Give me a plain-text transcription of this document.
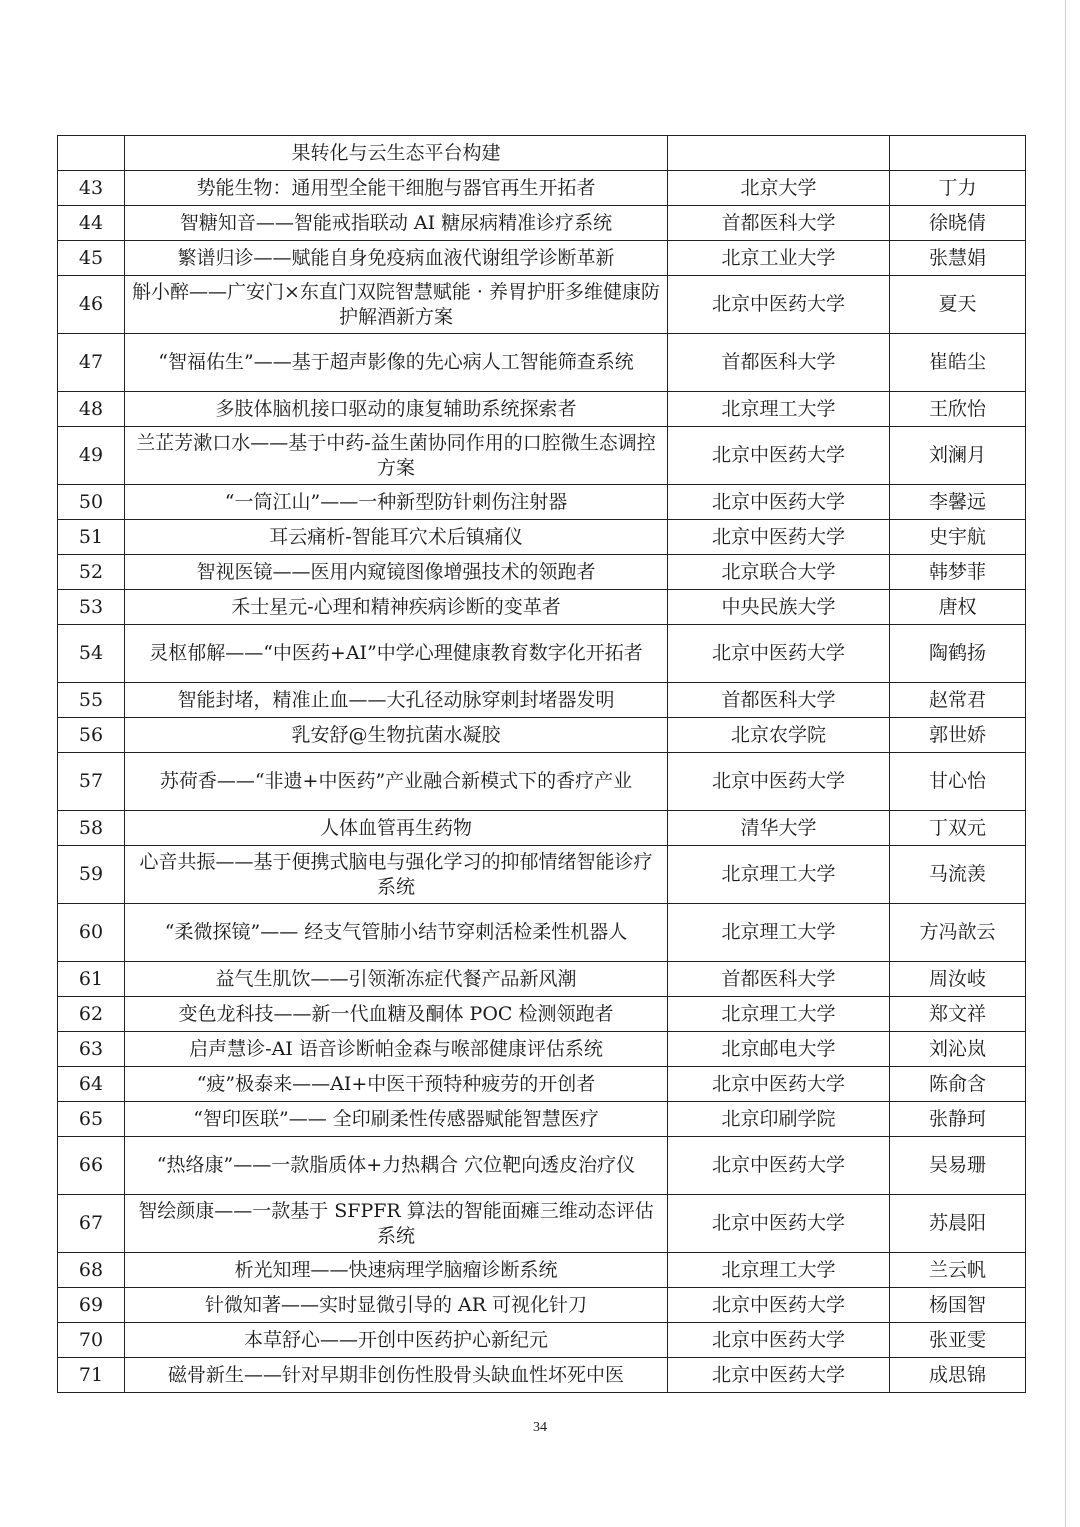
	果转化与云生态平台构建		
43	势能生物：通用型全能干细胞与器官再生开拓者	北京大学	丁力
44	智糖知音——智能戒指联动 AI 糖尿病精准诊疗系统	首都医科大学	徐晓倩
45	繁谱归诊——赋能自身免疫病血液代谢组学诊断革新	北京工业大学	张慧娟
46	斛小醉——广安门×东直门双院智慧赋能 · 养胃护肝多维健康防护解酒新方案	北京中医药大学	夏天
47	“智福佑生”——基于超声影像的先心病人工智能筛查系统	首都医科大学	崔皓尘
48	多肢体脑机接口驱动的康复辅助系统探索者	北京理工大学	王欣怡
49	兰芷芳漱口水——基于中药-益生菌协同作用的口腔微生态调控方案	北京中医药大学	刘澜月
50	“一筒江山”——一种新型防针刺伤注射器	北京中医药大学	李馨远
51	耳云痛析-智能耳穴术后镇痛仪	北京中医药大学	史宇航
52	智视医镜——医用内窥镜图像增强技术的领跑者	北京联合大学	韩梦菲
53	禾士星元-心理和精神疾病诊断的变革者	中央民族大学	唐权
54	灵枢郁解——“中医药+AI”中学心理健康教育数字化开拓者	北京中医药大学	陶鹤扬
55	智能封堵，精准止血——大孔径动脉穿刺封堵器发明	首都医科大学	赵常君
56	乳安舒@生物抗菌水凝胶	北京农学院	郭世娇
57	苏荷香——“非遗+中医药”产业融合新模式下的香疗产业	北京中医药大学	甘心怡
58	人体血管再生药物	清华大学	丁双元
59	心音共振——基于便携式脑电与强化学习的抑郁情绪智能诊疗系统	北京理工大学	马流羡
60	“柔微探镜”—— 经支气管肺小结节穿刺活检柔性机器人	北京理工大学	方冯歆云
61	益气生肌饮——引领渐冻症代餐产品新风潮	首都医科大学	周汝岐
62	变色龙科技——新一代血糖及酮体 POC 检测领跑者	北京理工大学	郑文祥
63	启声慧诊-AI 语音诊断帕金森与喉部健康评估系统	北京邮电大学	刘沁岚
64	“疲”极泰来——AI+中医干预特种疲劳的开创者	北京中医药大学	陈俞含
65	“智印医联”—— 全印刷柔性传感器赋能智慧医疗	北京印刷学院	张静珂
66	“热络康”——一款脂质体+力热耦合 穴位靶向透皮治疗仪	北京中医药大学	吴易珊
67	智绘颜康——一款基于 SFPFR 算法的智能面瘫三维动态评估系统	北京中医药大学	苏晨阳
68	析光知理——快速病理学脑瘤诊断系统	北京理工大学	兰云帆
69	针微知著——实时显微引导的 AR 可视化针刀	北京中医药大学	杨国智
70	本草舒心——开创中医药护心新纪元	北京中医药大学	张亚雯
71	磁骨新生——针对早期非创伤性股骨头缺血性坏死中医	北京中医药大学	成思锦
34
